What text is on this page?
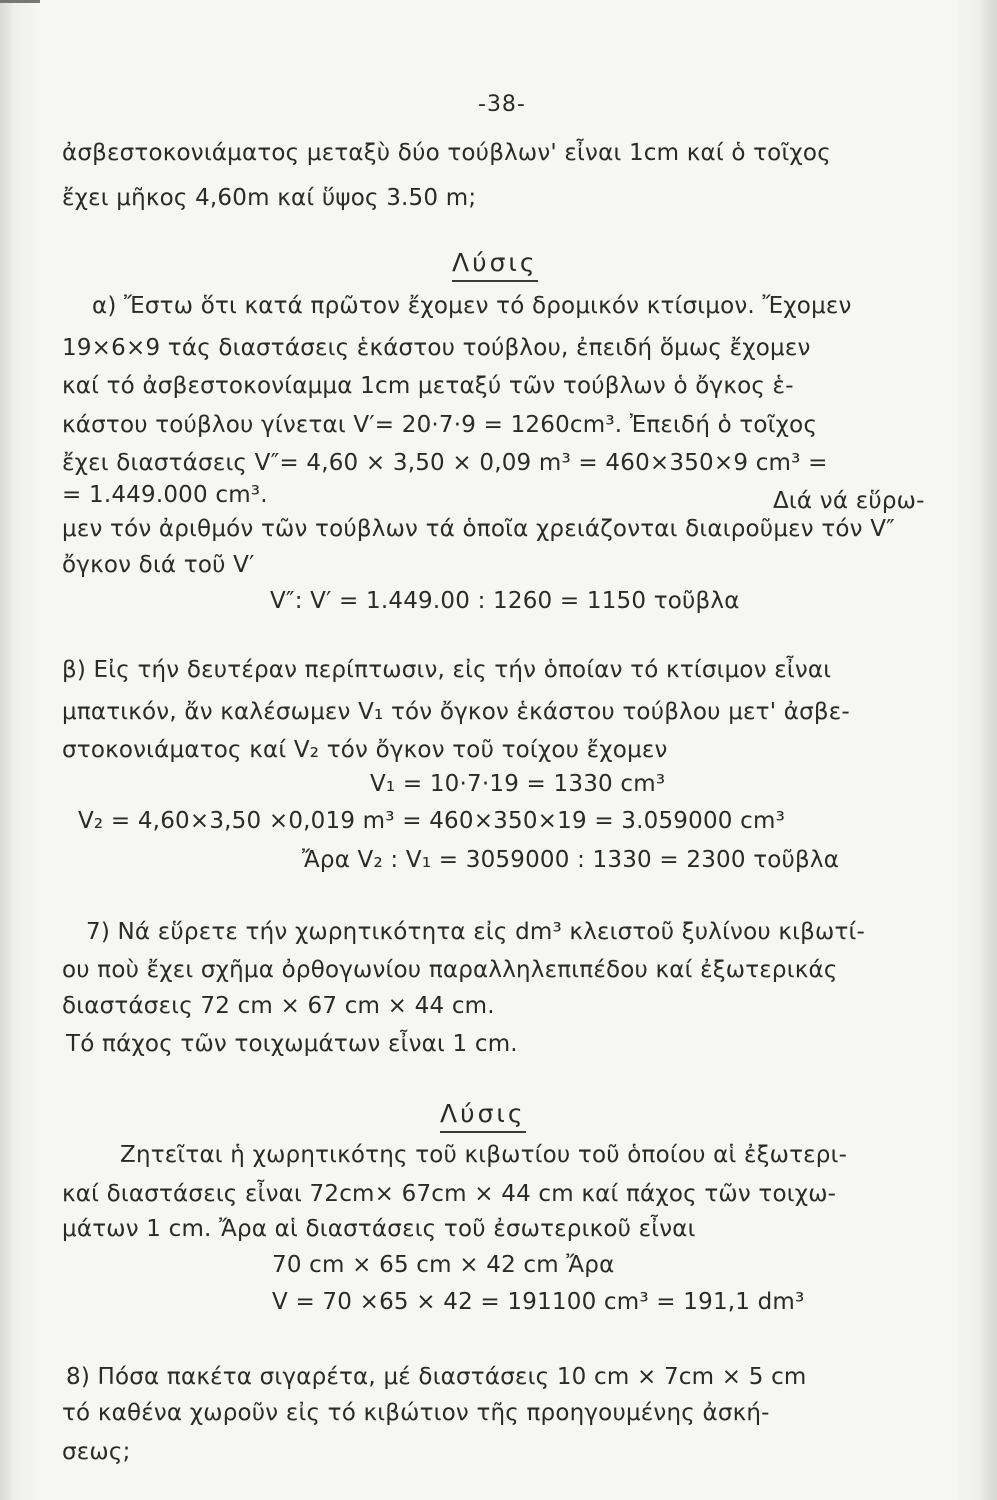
-38-
ἀσβεστοκονιάματος μεταξὺ δύο τούβλων' εἶναι 1cm καί ὁ τοῖχος
ἔχει μῆκος 4,60m καί ὕψος 3.50 m;
Λύσις
α) Ἔστω ὅτι κατά πρῶτον ἔχομεν τό δρομικόν κτίσιμον. Ἔχομεν
19×6×9 τάς διαστάσεις ἑκάστου τούβλου, ἐπειδή ὅμως ἔχομεν
καί τό ἀσβεστοκονίαμμα 1cm μεταξύ τῶν τούβλων ὁ ὄγκος ἑ-
κάστου τούβλου γίνεται V′= 20·7·9 = 1260cm³. Ἐπειδή ὁ τοῖχος
ἔχει διαστάσεις V″= 4,60 × 3,50 × 0,09 m³ = 460×350×9 cm³ =
= 1.449.000 cm³.	Διά νά εὕρω-
μεν τόν ἀριθμόν τῶν τούβλων τά ὁποῖα χρειάζονται διαιροῦμεν τόν V″
ὄγκον διά τοῦ V′
V″: V′ = 1.449.00 : 1260 = 1150 τοῦβλα
β) Εἰς τήν δευτέραν περίπτωσιν, εἰς τήν ὁποίαν τό κτίσιμον εἶναι
μπατικόν, ἄν καλέσωμεν V₁ τόν ὄγκον ἑκάστου τούβλου μετ' ἀσβε-
στοκονιάματος καί V₂ τόν ὄγκον τοῦ τοίχου ἔχομεν
V₁ = 10·7·19 = 1330 cm³
V₂ = 4,60×3,50 ×0,019 m³ = 460×350×19 = 3.059000 cm³
Ἄρα V₂ : V₁ = 3059000 : 1330 = 2300 τοῦβλα
7) Νά εὕρετε τήν χωρητικότητα εἰς dm³ κλειστοῦ ξυλίνου κιβωτί-
ου ποὺ ἔχει σχῆμα ὀρθογωνίου παραλληλεπιπέδου καί ἐξωτερικάς
διαστάσεις 72 cm × 67 cm × 44 cm.
Τό πάχος τῶν τοιχωμάτων εἶναι 1 cm.
Λύσις
Ζητεῖται ἡ χωρητικότης τοῦ κιβωτίου τοῦ ὁποίου αἱ ἐξωτερι-
καί διαστάσεις εἶναι 72cm× 67cm × 44 cm καί πάχος τῶν τοιχω-
μάτων 1 cm. Ἄρα αἱ διαστάσεις τοῦ ἐσωτερικοῦ εἶναι
70 cm × 65 cm × 42 cm Ἄρα
V = 70 ×65 × 42 = 191100 cm³ = 191,1 dm³
8) Πόσα πακέτα σιγαρέτα, μέ διαστάσεις 10 cm × 7cm × 5 cm
τό καθένα χωροῦν εἰς τό κιβώτιον τῆς προηγουμένης ἀσκή-
σεως;
